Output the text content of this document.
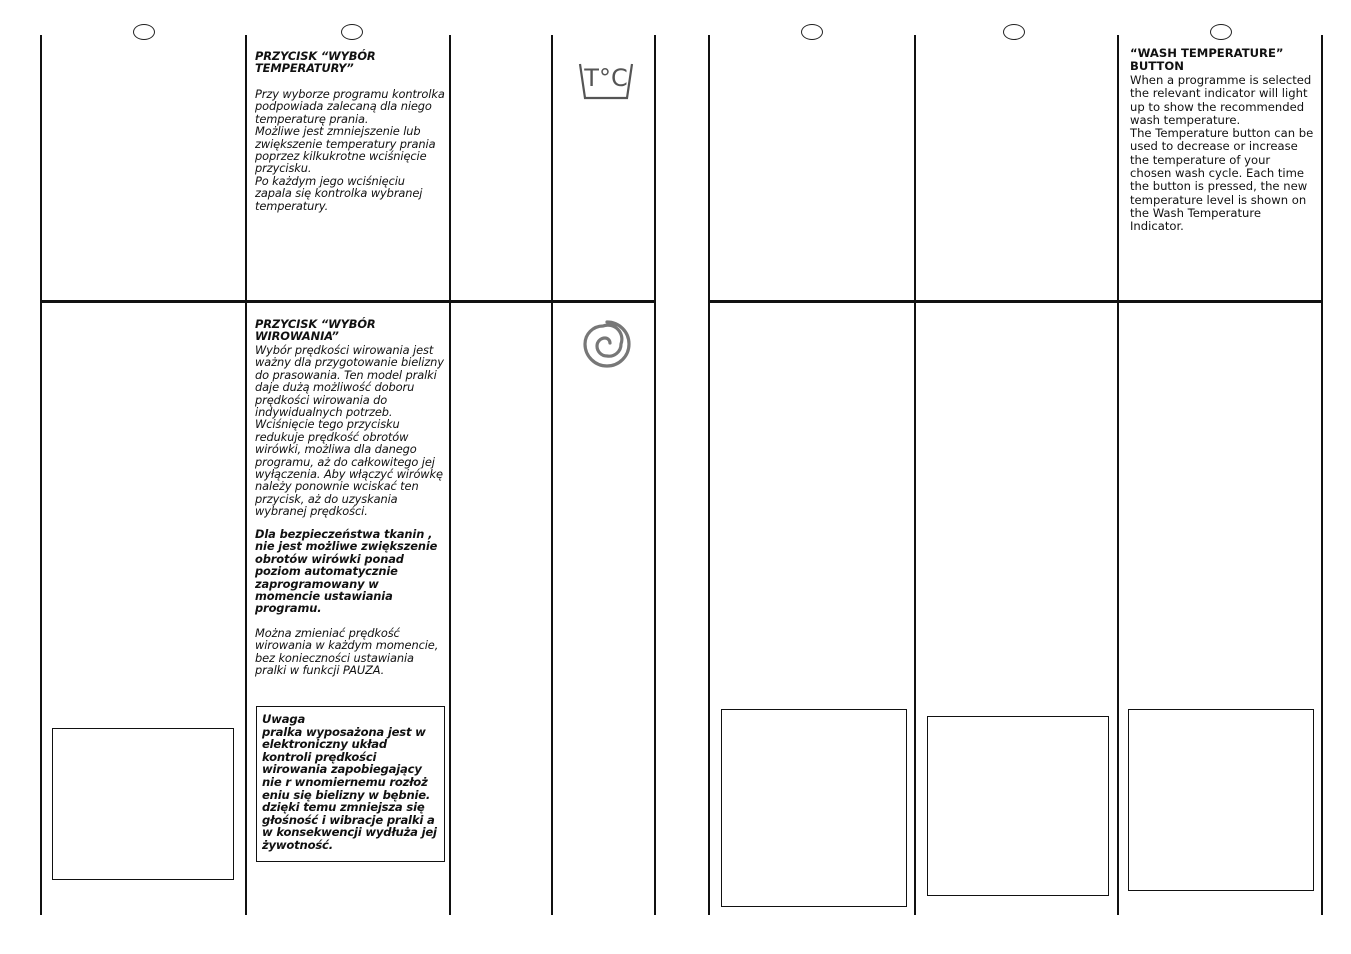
PRZYCISK “WYBÓR TEMPERATURY”
Przy wyborze programu kontrolka podpowiada zalecaną dla niego temperaturę prania.
Możliwe jest zmniejszenie lub zwiększenie temperatury prania poprzez kilkukrotne wciśnięcie przycisku.
Po każdym jego wciśnięciu zapala się kontrolka wybranej temperatury.
T°C
PRZYCISK “WYBÓR WIROWANIA”
Wybór prędkości wirowania jest ważny dla przygotowanie bielizny do prasowania. Ten model pralki daje dużą możliwość doboru prędkości wirowania do indywidualnych potrzeb. Wciśnięcie tego przycisku redukuje prędkość obrotów wirówki, możliwa dla danego programu, aż do całkowitego jej wyłączenia. Aby włączyć wirówkę należy ponownie wciskać ten przycisk, aż do uzyskania wybranej prędkości.
Dla bezpieczeństwa tkanin , nie jest możliwe zwiększenie obrotów wirówki ponad poziom automatycznie zaprogramowany w momencie ustawiania programu.
Można zmieniać prędkość wirowania w każdym momencie, bez konieczności ustawiania pralki w funkcji PAUZA.
Uwaga
pralka wyposażona jest w elektroniczny układ kontroli prędkości wirowania zapobiegający nie r wnomiernemu rozłoż eniu się bielizny w bębnie. dzięki temu zmniejsza się głośność i wibracje pralki a w konsekwencji wydłuża jej żywotność.
“WASH TEMPERATURE” BUTTON
When a programme is selected the relevant indicator will light up to show the recommended wash temperature.
The Temperature button can be used to decrease or increase the temperature of your chosen wash cycle. Each time the button is pressed, the new temperature level is shown on the Wash Temperature Indicator.
